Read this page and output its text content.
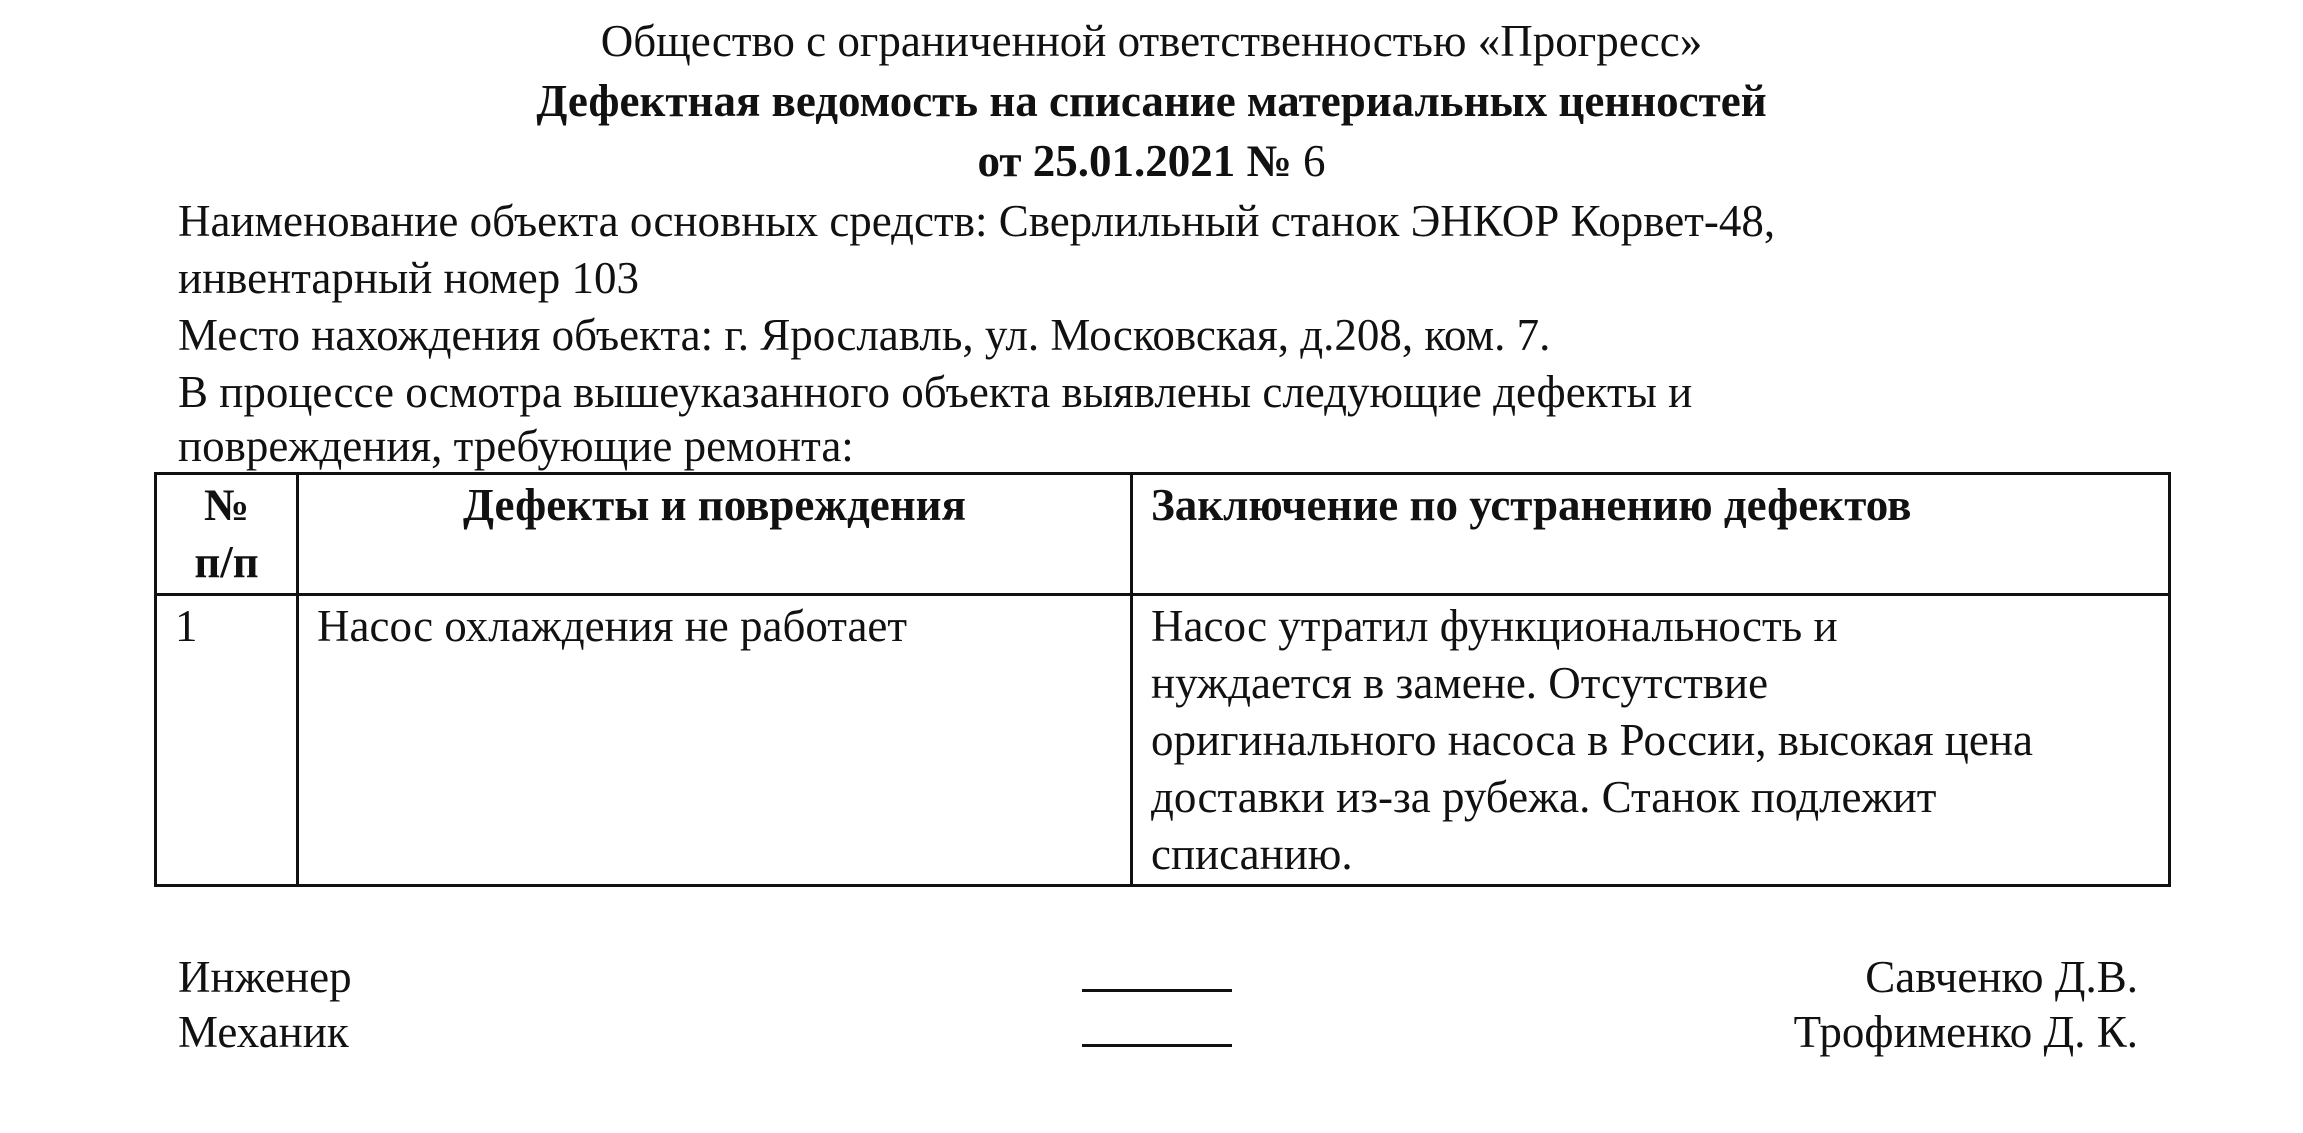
Общество с ограниченной ответственностью «Прогресс»
Дефектная ведомость на списание материальных ценностей
от 25.01.2021 № 6
Наименование объекта основных средств: Сверлильный станок ЭНКОР Корвет-48,
инвентарный номер 103
Место нахождения объекта: г. Ярославль, ул. Московская, д.208, ком. 7.
В процессе осмотра вышеуказанного объекта выявлены следующие дефекты и
повреждения, требующие ремонта:
№
п/п	Дефекты и повреждения	Заключение по устранению дефектов
1	Насос охлаждения не работает	Насос утратил функциональность и
нуждается в замене. Отсутствие
оригинального насоса в России, высокая цена
доставки из-за рубежа. Станок подлежит
списанию.
Инженер	Савченко Д.В.
Механик	Трофименко Д. К.
